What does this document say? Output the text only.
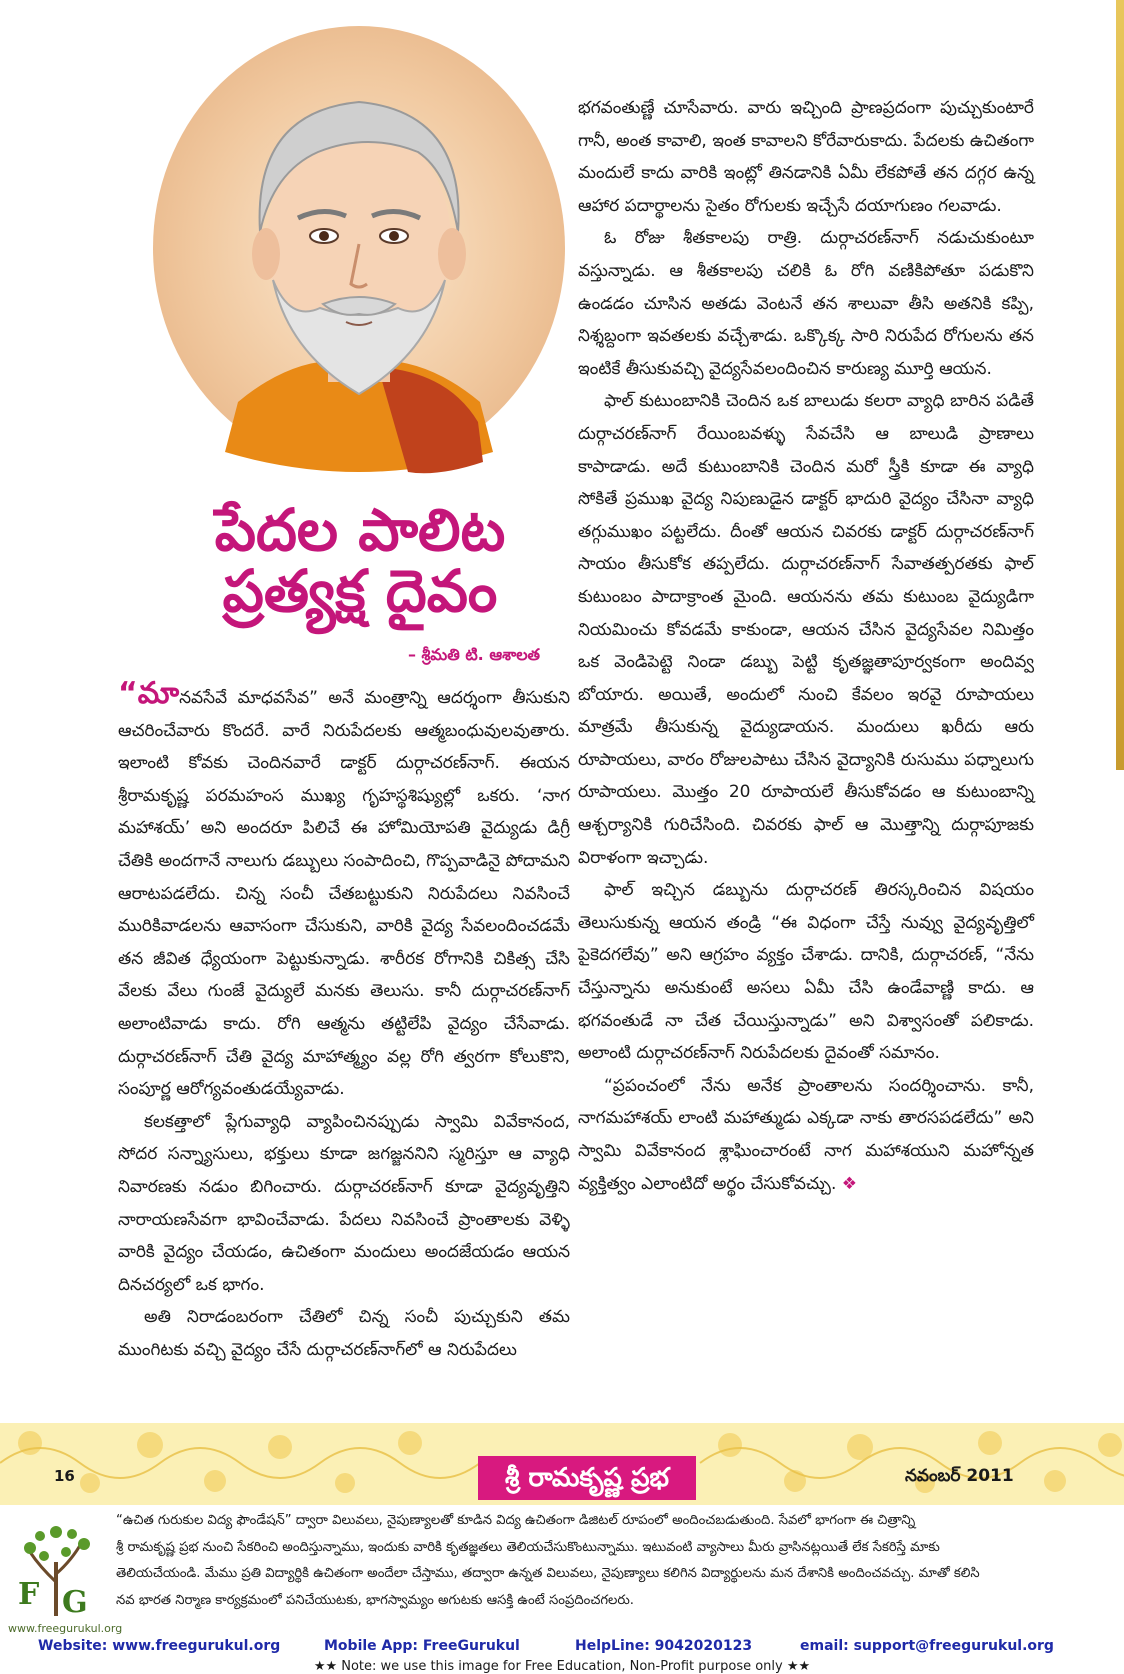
పేదల పాలిట
ప్రత్యక్ష దైవం
– శ్రీమతి టి. ఆశాలత

“మానవసేవే మాధవసేవ” అనే మంత్రాన్ని ఆదర్శంగా తీసుకుని ఆచరించేవారు కొందరే. వారే నిరుపేదలకు ఆత్మబంధువులవుతారు. ఇలాంటి కోవకు చెందినవారే డాక్టర్ దుర్గాచరణ్‌నాగ్. ఈయన శ్రీరామకృష్ణ పరమహంస ముఖ్య గృహస్థశిష్యుల్లో ఒకరు. ‘నాగ మహాశయ్’ అని అందరూ పిలిచే ఈ హోమియోపతి వైద్యుడు డిగ్రీ చేతికి అందగానే నాలుగు డబ్బులు సంపాదించి, గొప్పవాడినై పోదామని ఆరాటపడలేదు. చిన్న సంచీ చేతబట్టుకుని నిరుపేదలు నివసించే మురికివాడలను ఆవాసంగా చేసుకుని, వారికి వైద్య సేవలందించడమే తన జీవిత ధ్యేయంగా పెట్టుకున్నాడు. శారీరక రోగానికి చికిత్స చేసి వేలకు వేలు గుంజే వైద్యులే మనకు తెలుసు. కానీ దుర్గాచరణ్‌నాగ్ అలాంటివాడు కాదు. రోగి ఆత్మను తట్టిలేపి వైద్యం చేసేవాడు. దుర్గాచరణ్‌నాగ్ చేతి వైద్య మాహాత్మ్యం వల్ల రోగి త్వరగా కోలుకొని, సంపూర్ణ ఆరోగ్యవంతుడయ్యేవాడు.

కలకత్తాలో ప్లేగువ్యాధి వ్యాపించినప్పుడు స్వామి వివేకానంద, సోదర సన్న్యాసులు, భక్తులు కూడా జగజ్జననిని స్మరిస్తూ ఆ వ్యాధి నివారణకు నడుం బిగించారు. దుర్గాచరణ్‌నాగ్ కూడా వైద్యవృత్తిని నారాయణసేవగా భావించేవాడు. పేదలు నివసించే ప్రాంతాలకు వెళ్ళి వారికి వైద్యం చేయడం, ఉచితంగా మందులు అందజేయడం ఆయన దినచర్యలో ఒక భాగం.

అతి నిరాడంబరంగా చేతిలో చిన్న సంచీ పుచ్చుకుని తమ ముంగిటకు వచ్చి వైద్యం చేసే దుర్గాచరణ్‌నాగ్‌లో ఆ నిరుపేదలు

భగవంతుణ్ణే చూసేవారు. వారు ఇచ్చింది ప్రాణప్రదంగా పుచ్చుకుంటారే గానీ, అంత కావాలి, ఇంత కావాలని కోరేవారుకాదు. పేదలకు ఉచితంగా మందులే కాదు వారికి ఇంట్లో తినడానికి ఏమీ లేకపోతే తన దగ్గర ఉన్న ఆహార పదార్థాలను సైతం రోగులకు ఇచ్చేసే దయాగుణం గలవాడు.

ఓ రోజు శీతకాలపు రాత్రి. దుర్గాచరణ్‌నాగ్ నడుచుకుంటూ వస్తున్నాడు. ఆ శీతకాలపు చలికి ఓ రోగి వణికిపోతూ పడుకొని ఉండడం చూసిన అతడు వెంటనే తన శాలువా తీసి అతనికి కప్పి, నిశ్శబ్దంగా ఇవతలకు వచ్చేశాడు. ఒక్కొక్క సారి నిరుపేద రోగులను తన ఇంటికే తీసుకువచ్చి వైద్యసేవలందించిన కారుణ్య మూర్తి ఆయన.

ఫాల్ కుటుంబానికి చెందిన ఒక బాలుడు కలరా వ్యాధి బారిన పడితే దుర్గాచరణ్‌నాగ్ రేయింబవళ్ళు సేవచేసి ఆ బాలుడి ప్రాణాలు కాపాడాడు. అదే కుటుంబానికి చెందిన మరో స్త్రీకి కూడా ఈ వ్యాధి సోకితే ప్రముఖ వైద్య నిపుణుడైన డాక్టర్ భాదురి వైద్యం చేసినా వ్యాధి తగ్గుముఖం పట్టలేదు. దీంతో ఆయన చివరకు డాక్టర్ దుర్గాచరణ్‌నాగ్ సాయం తీసుకోక తప్పలేదు. దుర్గాచరణ్‌నాగ్ సేవాతత్పరతకు ఫాల్ కుటుంబం పాదాక్రాంత మైంది. ఆయనను తమ కుటుంబ వైద్యుడిగా నియమించు కోవడమే కాకుండా, ఆయన చేసిన వైద్యసేవల నిమిత్తం ఒక వెండిపెట్టె నిండా డబ్బు పెట్టి కృతజ్ఞతాపూర్వకంగా అందివ్వ బోయారు. అయితే, అందులో నుంచి కేవలం ఇరవై రూపాయలు మాత్రమే తీసుకున్న వైద్యుడాయన. మందులు ఖరీదు ఆరు రూపాయలు, వారం రోజులపాటు చేసిన వైద్యానికి రుసుము పధ్నాలుగు రూపాయలు. మొత్తం 20 రూపాయలే తీసుకోవడం ఆ కుటుంబాన్ని ఆశ్చర్యానికి గురిచేసింది. చివరకు ఫాల్ ఆ మొత్తాన్ని దుర్గాపూజకు విరాళంగా ఇచ్చాడు.

ఫాల్ ఇచ్చిన డబ్బును దుర్గాచరణ్ తిరస్కరించిన విషయం తెలుసుకున్న ఆయన తండ్రి “ఈ విధంగా చేస్తే నువ్వు వైద్యవృత్తిలో పైకెదగలేవు” అని ఆగ్రహం వ్యక్తం చేశాడు. దానికి, దుర్గాచరణ్, “నేను చేస్తున్నాను అనుకుంటే అసలు ఏమీ చేసి ఉండేవాణ్ణి కాదు. ఆ భగవంతుడే నా చేత చేయిస్తున్నాడు” అని విశ్వాసంతో పలికాడు. అలాంటి దుర్గాచరణ్‌నాగ్ నిరుపేదలకు దైవంతో సమానం.

“ప్రపంచంలో నేను అనేక ప్రాంతాలను సందర్శించాను. కానీ, నాగమహాశయ్ లాంటి మహాత్ముడు ఎక్కడా నాకు తారసపడలేదు” అని స్వామి వివేకానంద శ్లాఘించారంటే నాగ మహాశయుని మహోన్నత వ్యక్తిత్వం ఎలాంటిదో అర్థం చేసుకోవచ్చు. ❖

16	శ్రీ రామకృష్ణ ప్రభ	నవంబర్ 2011
F G
www.freegurukul.org

“ఉచిత గురుకుల విద్య ఫౌండేషన్” ద్వారా విలువలు, నైపుణ్యాలతో కూడిన విద్య ఉచితంగా డిజిటల్ రూపంలో అందించబడుతుంది. సేవలో భాగంగా ఈ చిత్రాన్ని

శ్రీ రామకృష్ణ ప్రభ నుంచి సేకరించి అందిస్తున్నాము, ఇందుకు వారికి కృతజ్ఞతలు తెలియచేసుకొంటున్నాము. ఇటువంటి వ్యాసాలు మీరు వ్రాసినట్లయితే లేక సేకరిస్తే మాకు

తెలియచేయండి. మేము ప్రతి విద్యార్థికి ఉచితంగా అందేలా చేస్తాము, తద్వారా ఉన్నత విలువలు, నైపుణ్యాలు కలిగిన విద్యార్థులను మన దేశానికి అందించవచ్చు. మాతో కలిసి

నవ భారత నిర్మాణ కార్యక్రమంలో పనిచేయుటకు, భాగస్వామ్యం అగుటకు ఆసక్తి ఉంటే సంప్రదించగలరు.

Website: www.freegurukul.org	Mobile App: FreeGurukul	HelpLine: 9042020123	email: support@freegurukul.org
★★ Note: we use this image for Free Education, Non-Profit purpose only ★★
